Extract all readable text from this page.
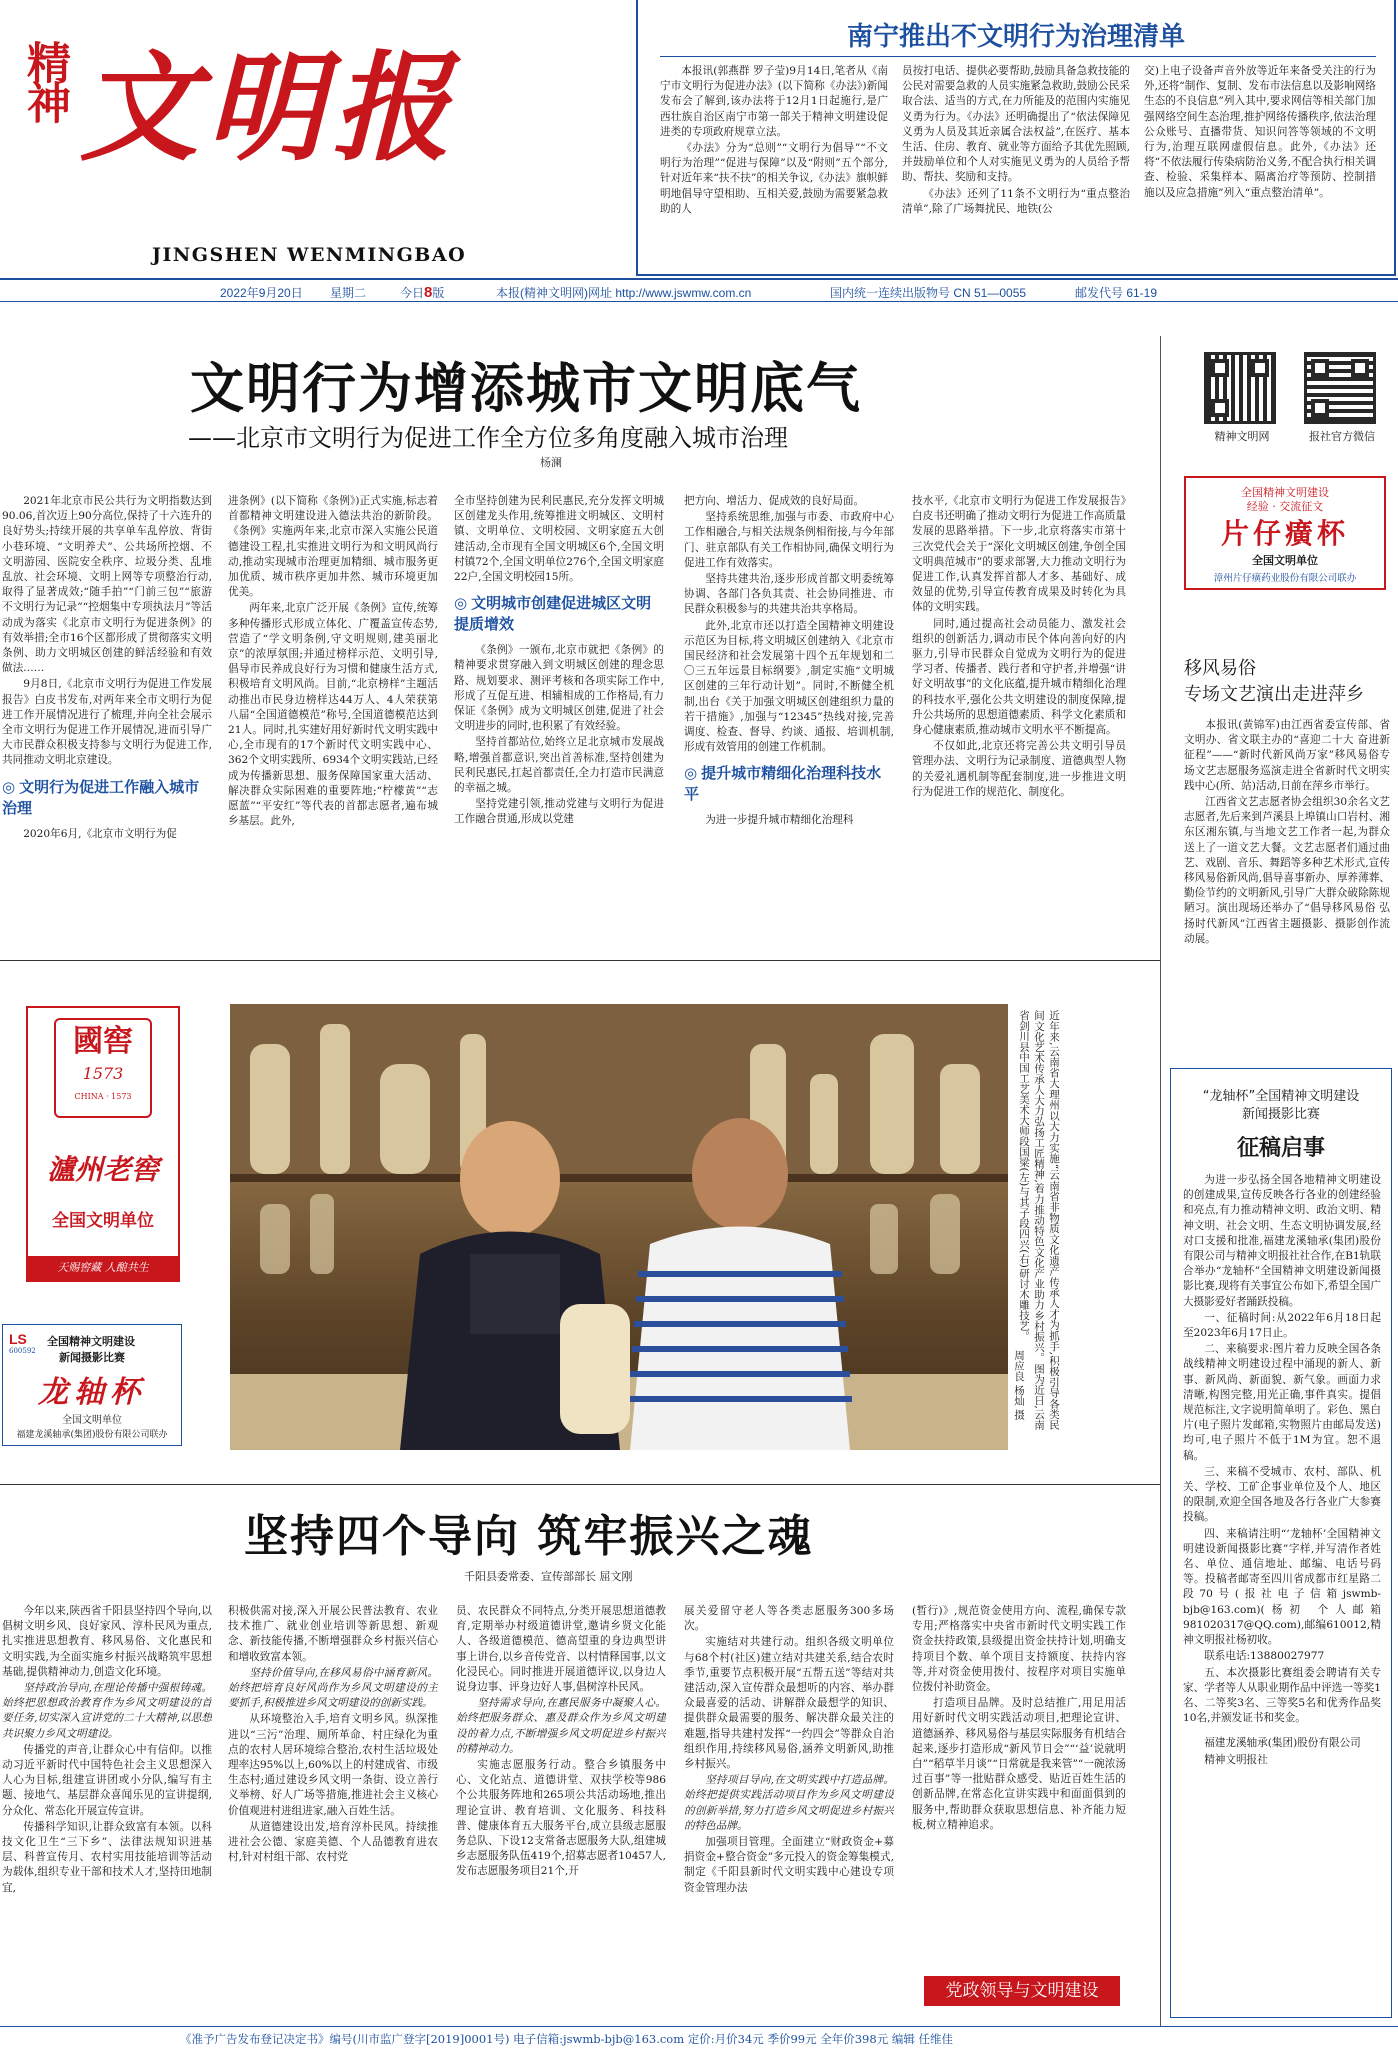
精神 文明报
JINGSHEN WENMINGBAO
2022年9月20日 星期二	今日8版	本报(精神文明网)网址 http://www.jswmw.com.cn	国内统一连续出版物号 CN 51—0055	邮发代号 61-19
南宁推出不文明行为治理清单

本报讯(郭燕群 罗子莹)9月14日,笔者从《南宁市文明行为促进办法》(以下简称《办法》)新闻发布会了解到,该办法将于12月1日起施行,是广西壮族自治区南宁市第一部关于精神文明建设促进类的专项政府规章立法。

《办法》分为“总则”“文明行为倡导”“不文明行为治理”“促进与保障”以及“附则”五个部分,针对近年来“扶不扶”的相关争议,《办法》旗帜鲜明地倡导守望相助、互相关爱,鼓励为需要紧急救助的人

员按打电话、提供必要帮助,鼓励具备急救技能的公民对需要急救的人员实施紧急救助,鼓励公民采取合法、适当的方式,在力所能及的范围内实施见义勇为行为。《办法》还明确提出了“依法保障见义勇为人员及其近亲属合法权益”,在医疗、基本生活、住房、教育、就业等方面给予其优先照顾,并鼓励单位和个人对实施见义勇为的人员给予帮助、帮扶、奖励和支持。

《办法》还列了11条不文明行为“重点整治清单”,除了广场舞扰民、地铁(公

交)上电子设备声音外放等近年来备受关注的行为外,还将“制作、复制、发布市法信息以及影响网络生态的不良信息”列入其中,要求网信等相关部门加强网络空间生态治理,推护网络传播秩序,依法治理公众账号、直播带货、知识问答等领域的不文明行为,治理互联网虚假信息。此外,《办法》还将“不依法履行传染病防治义务,不配合执行相关调查、检验、采集样本、隔离治疗等预防、控制措施以及应急措施”列入“重点整治清单”。

文明行为增添城市文明底气
——北京市文明行为促进工作全方位多角度融入城市治理
杨澜

2021年北京市民公共行为文明指数达到90.06,首次迈上90分高位,保持了十六连升的良好势头;持续开展的共享单车乱停放、背街小巷环境、“文明养犬”、公共场所控烟、不文明游园、医院安全秩序、垃圾分类、乱堆乱放、社会环境、文明上网等专项整治行动,取得了显著成效;“随手拍”“门前三包”“旅游不文明行为记录”“控烟集中专项执法月”等活动成为落实《北京市文明行为促进条例》的有效举措;全市16个区都形成了贯彻落实文明条例、助力文明城区创建的鲜活经验和有效做法……

9月8日,《北京市文明行为促进工作发展报告》白皮书发布,对两年来全市文明行为促进工作开展情况进行了梳理,并向全社会展示全市文明行为促进工作开展情况,进而引导广大市民群众积极支持参与文明行为促进工作,共同推动文明北京建设。

◎ 文明行为促进工作融入城市治理

2020年6月,《北京市文明行为促

进条例》(以下简称《条例》)正式实施,标志着首都精神文明建设进入德法共治的新阶段。《条例》实施两年来,北京市深入实施公民道德建设工程,扎实推进文明行为和文明风尚行动,推动实现城市治理更加精细、城市服务更加优质、城市秩序更加井然、城市环境更加优美。

两年来,北京广泛开展《条例》宣传,统筹多种传播形式形成立体化、广覆盖宣传态势,营造了“学文明条例,守文明规则,建美丽北京”的浓厚氛围;并通过榜样示范、文明引导,倡导市民养成良好行为习惯和健康生活方式,积极培育文明风尚。目前,“北京榜样”主题活动推出市民身边榜样达44万人、4人荣获第八届“全国道德模范”称号,全国道德模范达到21人。同时,扎实建好用好新时代文明实践中心,全市现有的17个新时代文明实践中心、362个文明实践所、6934个文明实践站,已经成为传播新思想、服务保障国家重大活动、解决群众实际困难的重要阵地;“柠檬黄”“志愿蓝”“平安红”等代表的首都志愿者,遍布城乡基层。此外,

全市坚持创建为民利民惠民,充分发挥文明城区创建龙头作用,统筹推进文明城区、文明村镇、文明单位、文明校园、文明家庭五大创建活动,全市现有全国文明城区6个,全国文明村镇72个,全国文明单位276个,全国文明家庭22户,全国文明校园15所。

◎ 文明城市创建促进城区文明提质增效

《条例》一颁布,北京市就把《条例》的精神要求贯穿融入到文明城区创建的理念思路、规划要求、测评考核和各项实际工作中,形成了互促互进、相辅相成的工作格局,有力保证《条例》成为文明城区创建,促进了社会文明进步的同时,也积累了有效经验。

坚持首都站位,始终立足北京城市发展战略,增强首都意识,突出首善标准,坚持创建为民利民惠民,扛起首都责任,全力打造市民满意的幸福之城。

坚持党建引领,推动党建与文明行为促进工作融合贯通,形成以党建

把方向、增活力、促成效的良好局面。

坚持系统思维,加强与市委、市政府中心工作相融合,与相关法规条例相衔接,与今年部门、驻京部队有关工作相协同,确保文明行为促进工作有效落实。

坚持共建共治,逐步形成首都文明委统筹协调、各部门各负其责、社会协同推进、市民群众积极参与的共建共治共享格局。

此外,北京市还以打造全国精神文明建设示范区为目标,将文明城区创建纳入《北京市国民经济和社会发展第十四个五年规划和二〇三五年远景目标纲要》,制定实施“文明城区创建的三年行动计划”。同时,不断健全机制,出台《关于加强文明城区创建组织力量的若干措施》,加强与“12345”热线对接,完善调度、检查、督导、约谈、通报、培训机制,形成有效管用的创建工作机制。

◎ 提升城市精细化治理科技水平

为进一步提升城市精细化治理科

技水平,《北京市文明行为促进工作发展报告》白皮书还明确了推动文明行为促进工作高质量发展的思路举措。下一步,北京将落实市第十三次党代会关于“深化文明城区创建,争创全国文明典范城市”的要求部署,大力推动文明行为促进工作,认真发挥首都人才多、基础好、成效显的优势,引导宣传教育成果及时转化为具体的文明实践。

同时,通过提高社会动员能力、激发社会组织的创新活力,调动市民个体向善向好的内驱力,引导市民群众自觉成为文明行为的促进学习者、传播者、践行者和守护者,并增强“讲好文明故事”的文化底蕴,提升城市精细化治理的科技水平,强化公共文明建设的制度保障,提升公共场所的思想道德素质、科学文化素质和身心健康素质,推动城市文明水平不断提高。

不仅如此,北京还将完善公共文明引导员管理办法、文明行为记录制度、道德典型人物的关爱礼遇机制等配套制度,进一步推进文明行为促进工作的规范化、制度化。

精神文明网	报社官方微信
全国精神文明建设
经验 · 交流征文
片仔癀杯
全国文明单位
漳州片仔癀药业股份有限公司联办
移风易俗
专场文艺演出走进萍乡

本报讯(黄锦军)由江西省委宣传部、省文明办、省文联主办的“喜迎二十大 奋进新征程”——“新时代新风尚万家”移风易俗专场文艺志愿服务巡演走进全省新时代文明实践中心(所、站)活动,日前在萍乡市举行。

江西省文艺志愿者协会组织30余名文艺志愿者,先后来到芦溪县上埠镇山口岩村、湘东区湘东镇,与当地文艺工作者一起,为群众送上了一道文艺大餐。文艺志愿者们通过曲艺、戏剧、音乐、舞蹈等多种艺术形式,宣传移风易俗新风尚,倡导喜事新办、厚养薄葬、勤俭节约的文明新风,引导广大群众破除陈规陋习。演出现场还举办了“倡导移风易俗 弘扬时代新风”江西省主题摄影、摄影创作流动展。

國窖
1573
CHINA · 1573
瀘州老窖
全国文明单位
天赐窖藏 人酿共生
LS
600592
全国精神文明建设
新闻摄影比赛
龙轴杯
全国文明单位
福建龙溪轴承(集团)股份有限公司联办
近年来,云南省大理州以大力实施“云南省非物质文化遗产传承人才为抓手,积极引导各类民间文化艺术传承人大力弘扬工匠精神,着力推动特色文化产业助力乡村振兴。图为近日,云南省剑川县中国工艺美术大师段国梁(左)与其子段四兴(右)研讨木雕技艺。
周应良 杨灿 摄
坚持四个导向 筑牢振兴之魂
千阳县委常委、宣传部部长 屈文刚

今年以来,陕西省千阳县坚持四个导向,以倡树文明乡风、良好家风、淳朴民风为重点,扎实推进思想教育、移风易俗、文化惠民和文明实践,为全面实施乡村振兴战略筑牢思想基础,提供精神动力,创造文化环境。

坚持政治导向,在理论传播中强根铸魂。始终把思想政治教育作为乡风文明建设的首要任务,切实深入宣讲党的二十大精神,以思想共识聚力乡风文明建设。

传播党的声音,让群众心中有信仰。以推动习近平新时代中国特色社会主义思想深入人心为目标,组建宣讲团或小分队,编写有主题、接地气、基层群众喜闻乐见的宣讲提纲,分众化、常态化开展宣传宣讲。

传播科学知识,让群众致富有本领。以科技文化卫生“三下乡”、法律法规知识进基层、科普宣传月、农村实用技能培训等活动为载体,组织专业干部和技术人才,坚持田地制宜,

积极供需对接,深入开展公民普法教育、农业技术推广、就业创业培训等新思想、新观念、新技能传播,不断增强群众乡村振兴信心和增收致富本领。

坚持价值导向,在移风易俗中涵育新风。始终把培育良好风尚作为乡风文明建设的主要抓手,积极推进乡风文明建设的创新实践。

从环境整治入手,培育文明乡风。纵深推进以“三污”治理、厕所革命、村庄绿化为重点的农村人居环境综合整治,农村生活垃圾处理率达95%以上,60%以上的村建成省、市级生态村;通过建设乡风文明一条街、设立善行义举榜、好人广场等措施,推进社会主义核心价值观进村进组进家,融入百姓生活。

从道德建设出发,培育淳朴民风。持续推进社会公德、家庭美德、个人品德教育进农村,针对村组干部、农村党

员、农民群众不同特点,分类开展思想道德教育,定期举办村级道德讲堂,邀请乡贤文化能人、各级道德模范、德高望重的身边典型讲事上讲台,以乡音传党音、以村情释国事,以文化浸民心。同时推进开展道德评议,以身边人说身边事、评身边好人事,倡树淳朴民风。

坚持需求导向,在惠民服务中凝聚人心。始终把服务群众、惠及群众作为乡风文明建设的着力点,不断增强乡风文明促进乡村振兴的精神动力。

实施志愿服务行动。整合乡镇服务中心、文化站点、道德讲堂、双扶学校等986个公共服务阵地和265项公共活动场地,推出理论宣讲、教育培训、文化服务、科技科普、健康体育五大服务平台,成立县级志愿服务总队、下设12支常备志愿服务大队,组建城乡志愿服务队伍419个,招募志愿者10457人,发布志愿服务项目21个,开

展关爱留守老人等各类志愿服务300多场次。

实施结对共建行动。组织各级文明单位与68个村(社区)建立结对共建关系,结合农时季节,重要节点积极开展“五帮五送”等结对共建活动,深入宣传群众最想听的内容、举办群众最喜爱的活动、讲解群众最想学的知识、提供群众最需要的服务、解决群众最关注的难题,指导共建村发挥“一约四会”等群众自治组织作用,持续移风易俗,涵养文明新风,助推乡村振兴。

坚持项目导向,在文明实践中打造品牌。始终把提供实践活动项目作为乡风文明建设的创新举措,努力打造乡风文明促进乡村振兴的特色品牌。

加强项目管理。全面建立“财政资金+募捐资金+整合资金”多元投入的资金筹集模式,制定《千阳县新时代文明实践中心建设专项资金管理办法

(暂行)》,规范资金使用方向、流程,确保专款专用;严格落实中央省市新时代文明实践工作资金扶持政策,县级提出资金扶持计划,明确支持项目个数、单个项目支持额度、扶持内容等,并对资金使用拨付、按程序对项目实施单位拨付补助资金。

打造项目品牌。及时总结推广,用足用活用好新时代文明实践活动项目,把理论宣讲、道德涵养、移风易俗与基层实际服务有机结合起来,逐步打造形成“新风节日会”“‘益’说就明白”“稻草半月谈”“日常就是我来管”“一碗浓汤过百事”等一批贴群众感受、贴近百姓生活的创新品牌,在常态化宣讲实践中和面面俱到的服务中,帮助群众获取思想信息、补齐能力短板,树立精神追求。

党政领导与文明建设
“龙轴杯”全国精神文明建设
新闻摄影比赛
征稿启事

为进一步弘扬全国各地精神文明建设的创建成果,宣传反映各行各业的创建经验和亮点,有力推动精神文明、政治文明、精神文明、社会文明、生态文明协调发展,经对口支援和批准,福建龙溪轴承(集团)股份有限公司与精神文明报社社合作,在B1轨联合举办“龙轴杯”全国精神文明建设新闻摄影比赛,现将有关事宜公布如下,希望全国广大摄影爱好者踊跃投稿。

一、征稿时间:从2022年6月18日起至2023年6月17日止。

二、来稿要求:图片着力反映全国各条战线精神文明建设过程中涌现的新人、新事、新风尚、新面貌、新气象。画面力求清晰,构图完整,用光正确,事件真实。提倡规范标注,文字说明简单明了。彩色、黑白片(电子照片发邮箱,实物照片由邮局发送)均可,电子照片不低于1M为宜。恕不退稿。

三、来稿不受城市、农村、部队、机关、学校、工矿企事业单位及个人、地区的限制,欢迎全国各地及各行各业广大参赛投稿。

四、来稿请注明“‘龙轴杯’全国精神文明建设新闻摄影比赛”字样,并写清作者姓名、单位、通信地址、邮编、电话号码等。投稿者邮寄至四川省成都市红星路二段70号(报社电子信箱jswmb-bjb@163.com)(杨初 个人邮箱981020317@QQ.com),邮编610012,精神文明报社杨初收。

联系电话:13880027977

五、本次摄影比赛组委会聘请有关专家、学者等人从职业期作品中评选一等奖1名、二等奖3名、三等奖5名和优秀作品奖10名,并颁发证书和奖金。

福建龙溪轴承(集团)股份有限公司

精神文明报社

《准予广告发布登记决定书》编号(川市监广登字[2019]0001号) 电子信箱:jswmb-bjb@163.com 定价:月价34元 季价99元 全年价398元 编辑 任维佳
